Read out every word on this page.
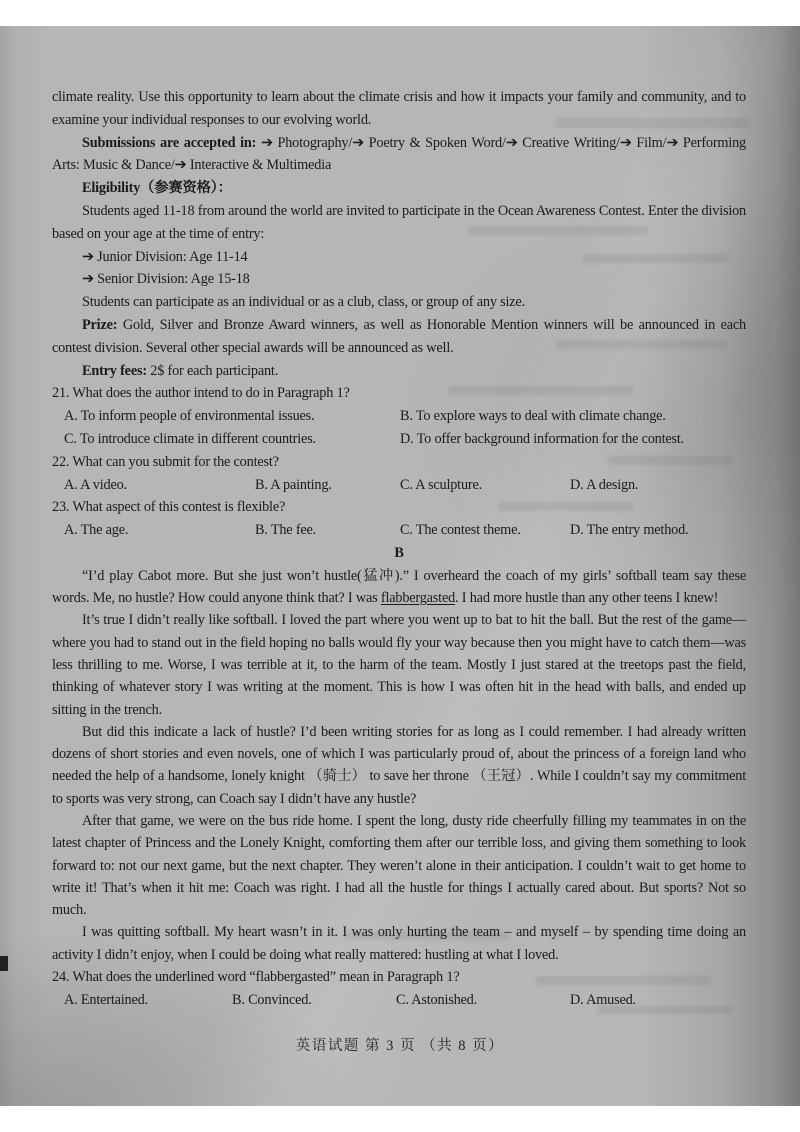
climate reality. Use this opportunity to learn about the climate crisis and how it impacts your family and community, and to examine your individual responses to our evolving world.

Submissions are accepted in: ➔ Photography/➔ Poetry & Spoken Word/➔ Creative Writing/➔ Film/➔ Performing Arts: Music & Dance/➔ Interactive & Multimedia

Eligibility（参赛资格）：

Students aged 11-18 from around the world are invited to participate in the Ocean Awareness Contest. Enter the division based on your age at the time of entry:

➔ Junior Division: Age 11-14

➔ Senior Division: Age 15-18

Students can participate as an individual or as a club, class, or group of any size.

Prize: Gold, Silver and Bronze Award winners, as well as Honorable Mention winners will be announced in each contest division. Several other special awards will be announced as well.

Entry fees: 2$ for each participant.

21. What does the author intend to do in Paragraph 1?

A. To inform people of environmental issues.	B. To explore ways to deal with climate change.
C. To introduce climate in different countries.	D. To offer background information for the contest.

22. What can you submit for the contest?

A. A video.	B. A painting.	C. A sculpture.	D. A design.

23. What aspect of this contest is flexible?

A. The age.	B. The fee.	C. The contest theme.	D. The entry method.

B

“I’d play Cabot more. But she just won’t hustle(猛冲).” I overheard the coach of my girls’ softball team say these words. Me, no hustle? How could anyone think that? I was flabbergasted. I had more hustle than any other teens I knew!

It’s true I didn’t really like softball. I loved the part where you went up to bat to hit the ball. But the rest of the game—where you had to stand out in the field hoping no balls would fly your way because then you might have to catch them—was less thrilling to me. Worse, I was terrible at it, to the harm of the team. Mostly I just stared at the treetops past the field, thinking of whatever story I was writing at the moment. This is how I was often hit in the head with balls, and ended up sitting in the trench.

But did this indicate a lack of hustle? I’d been writing stories for as long as I could remember. I had already written dozens of short stories and even novels, one of which I was particularly proud of, about the princess of a foreign land who needed the help of a handsome, lonely knight （骑士） to save her throne （王冠）. While I couldn’t say my commitment to sports was very strong, can Coach say I didn’t have any hustle?

After that game, we were on the bus ride home. I spent the long, dusty ride cheerfully filling my teammates in on the latest chapter of Princess and the Lonely Knight, comforting them after our terrible loss, and giving them something to look forward to: not our next game, but the next chapter. They weren’t alone in their anticipation. I couldn’t wait to get home to write it! That’s when it hit me: Coach was right. I had all the hustle for things I actually cared about. But sports? Not so much.

I was quitting softball. My heart wasn’t in it. I was only hurting the team – and myself – by spending time doing an activity I didn’t enjoy, when I could be doing what really mattered: hustling at what I loved.

24. What does the underlined word “flabbergasted” mean in Paragraph 1?

A. Entertained.	B. Convinced.	C. Astonished.	D. Amused.
英语试题 第 3 页 （共 8 页）
